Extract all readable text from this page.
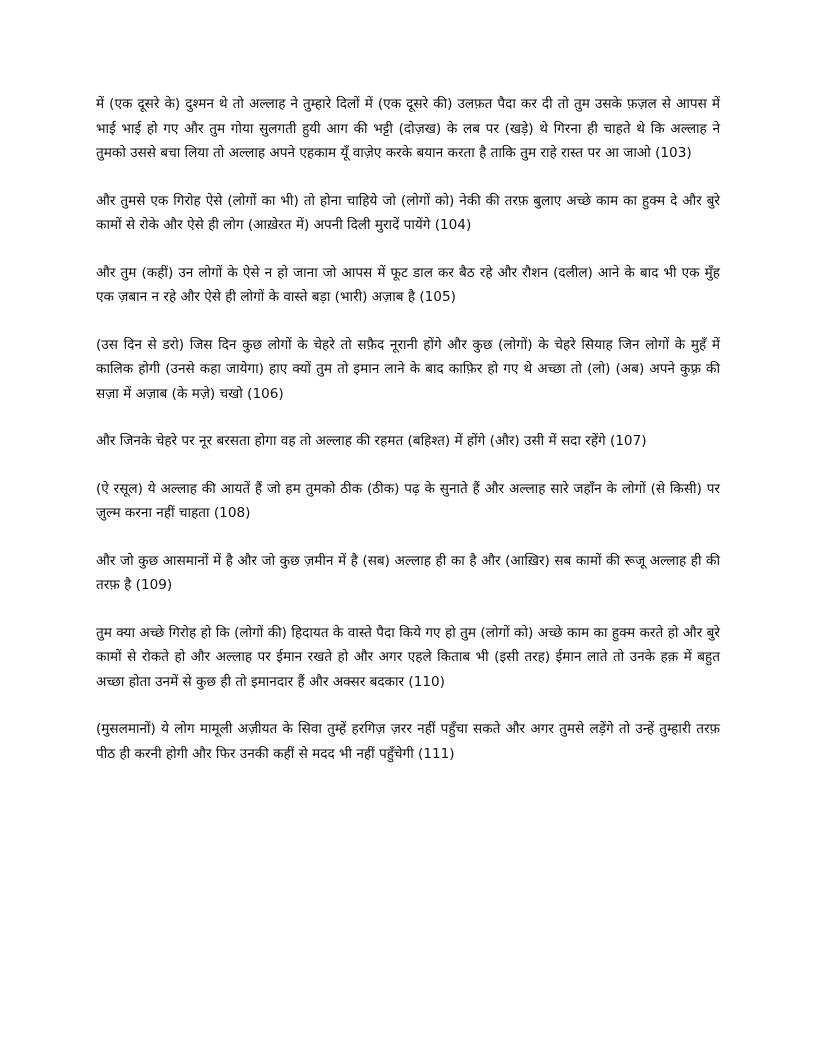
में (एक दूसरे के) दुश्मन थे तो अल्लाह ने तुम्हारे दिलों में (एक दूसरे की) उलफ़त पैदा कर दी तो तुम उसके फ़ज़ल से आपस में भाई भाई हो गए और तुम गोया सुलगती हुयी आग की भट्टी (दोज़ख) के लब पर (खड़े) थे गिरना ही चाहते थे कि अल्लाह ने तुमको उससे बचा लिया तो अल्लाह अपने एहकाम यूँ वाज़ेए करके बयान करता है ताकि तुम राहे रास्त पर आ जाओ (103)

और तुमसे एक गिरोह ऐसे (लोगों का भी) तो होना चाहिये जो (लोगों को) नेकी की तरफ़ बुलाए अच्छे काम का हुक्म दे और बुरे कामों से रोके और ऐसे ही लोग (आख़ेरत में) अपनी दिली मुरादें पायेंगे (104)

और तुम (कहीं) उन लोगों के ऐसे न हो जाना जो आपस में फूट डाल कर बैठ रहे और रौशन (दलील) आने के बाद भी एक मुँह एक ज़बान न रहे और ऐसे ही लोगों के वास्ते बड़ा (भारी) अज़ाब है (105)

(उस दिन से डरो) जिस दिन कुछ लोगों के चेहरे तो सफ़ैद नूरानी होंगे और कुछ (लोगों) के चेहरे सियाह जिन लोगों के मुहँ में कालिक होगी (उनसे कहा जायेगा) हाए क्यों तुम तो इमान लाने के बाद काफ़िर हो गए थे अच्छा तो (लो) (अब) अपने कुफ़्र की सज़ा में अज़ाब (के मज़े) चखो (106)

और जिनके चेहरे पर नूर बरसता होगा वह तो अल्लाह की रहमत (बहिश्त) में होंगे (और) उसी में सदा रहेंगे (107)

(ऐ रसूल) ये अल्लाह की आयतें हैं जो हम तुमको ठीक (ठीक) पढ़ के सुनाते हैं और अल्लाह सारे जहाँन के लोगों (से किसी) पर ज़ुल्म करना नहीं चाहता (108)

और जो कुछ आसमानों में है और जो कुछ ज़मीन में है (सब) अल्लाह ही का है और (आख़िर) सब कामों की रूजू अल्लाह ही की तरफ़ है (109)

तुम क्या अच्छे गिरोह हो कि (लोगों की) हिदायत के वास्ते पैदा किये गए हो तुम (लोगों को) अच्छे काम का हुक्म करते हो और बुरे कामों से रोकते हो और अल्लाह पर ईमान रखते हो और अगर एहले किताब भी (इसी तरह) ईमान लाते तो उनके हक़ में बहुत अच्छा होता उनमें से कुछ ही तो इमानदार हैं और अक्सर बदकार (110)

(मुसलमानों) ये लोग मामूली अज़ीयत के सिवा तुम्हें हरगिज़ ज़रर नहीं पहुँचा सकते और अगर तुमसे लड़ेंगे तो उन्हें तुम्हारी तरफ़ पीठ ही करनी होगी और फिर उनकी कहीं से मदद भी नहीं पहुँचेगी (111)
